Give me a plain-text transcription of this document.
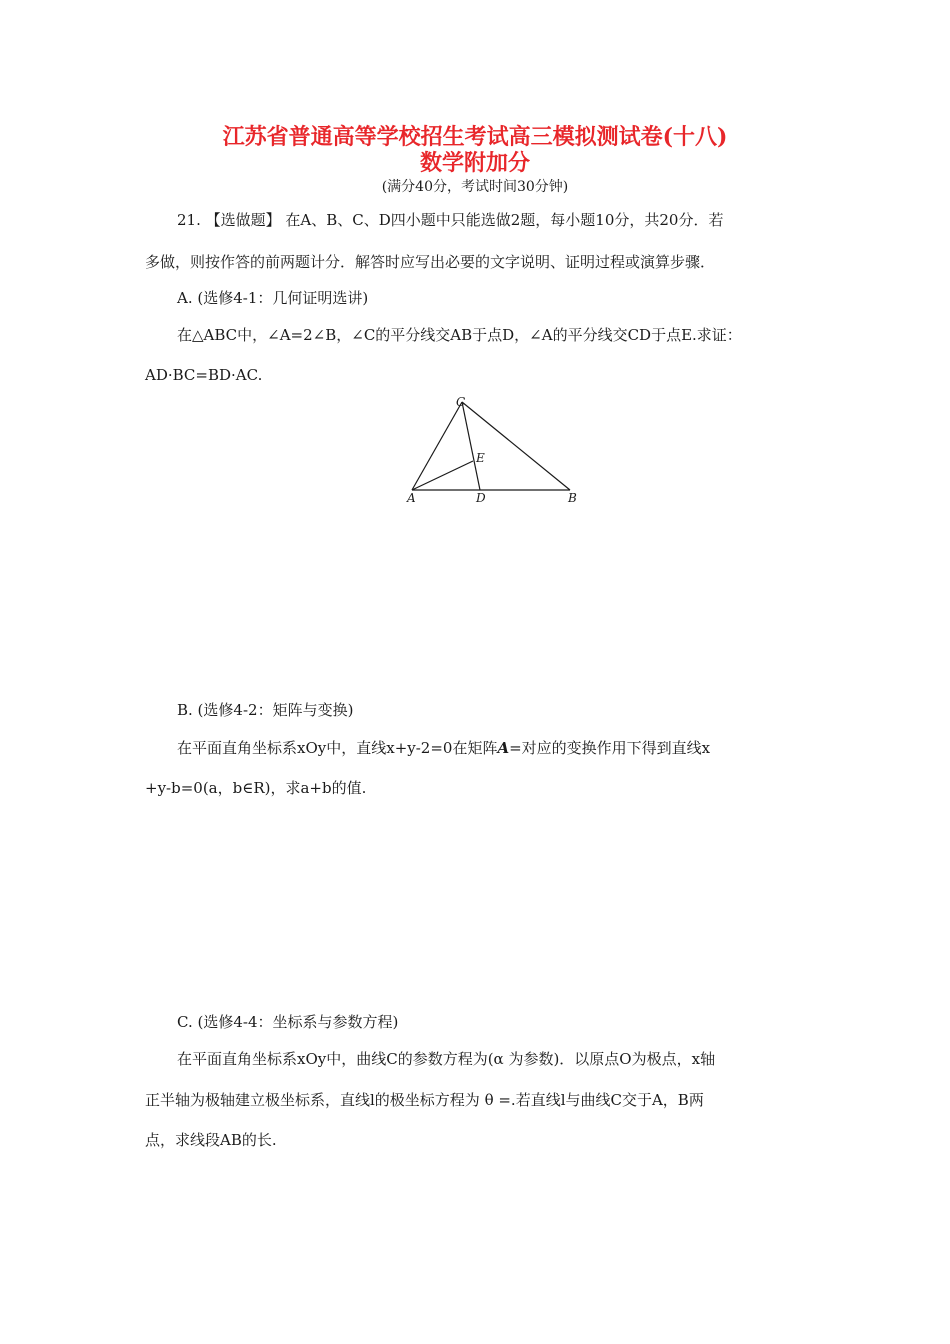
江苏省普通高等学校招生考试高三模拟测试卷(十八)
数学附加分
(满分40分，考试时间30分钟)
21. 【选做题】 在A、B、C、D四小题中只能选做2题，每小题10分，共20分．若
多做，则按作答的前两题计分．解答时应写出必要的文字说明、证明过程或演算步骤．
A. (选修4-1：几何证明选讲)
在△ABC中，∠A=2∠B，∠C的平分线交AB于点D，∠A的平分线交CD于点E.求证：
AD·BC=BD·AC.
C
E
A	D	B
B. (选修4-2：矩阵与变换)
在平面直角坐标系xOy中，直线x+y-2=0在矩阵A=对应的变换作用下得到直线x
+y-b=0(a，b∈R)，求a+b的值.
C. (选修4-4：坐标系与参数方程)
在平面直角坐标系xOy中，曲线C的参数方程为(α 为参数)．以原点O为极点，x轴
正半轴为极轴建立极坐标系，直线l的极坐标方程为 θ =.若直线l与曲线C交于A，B两
点，求线段AB的长.
